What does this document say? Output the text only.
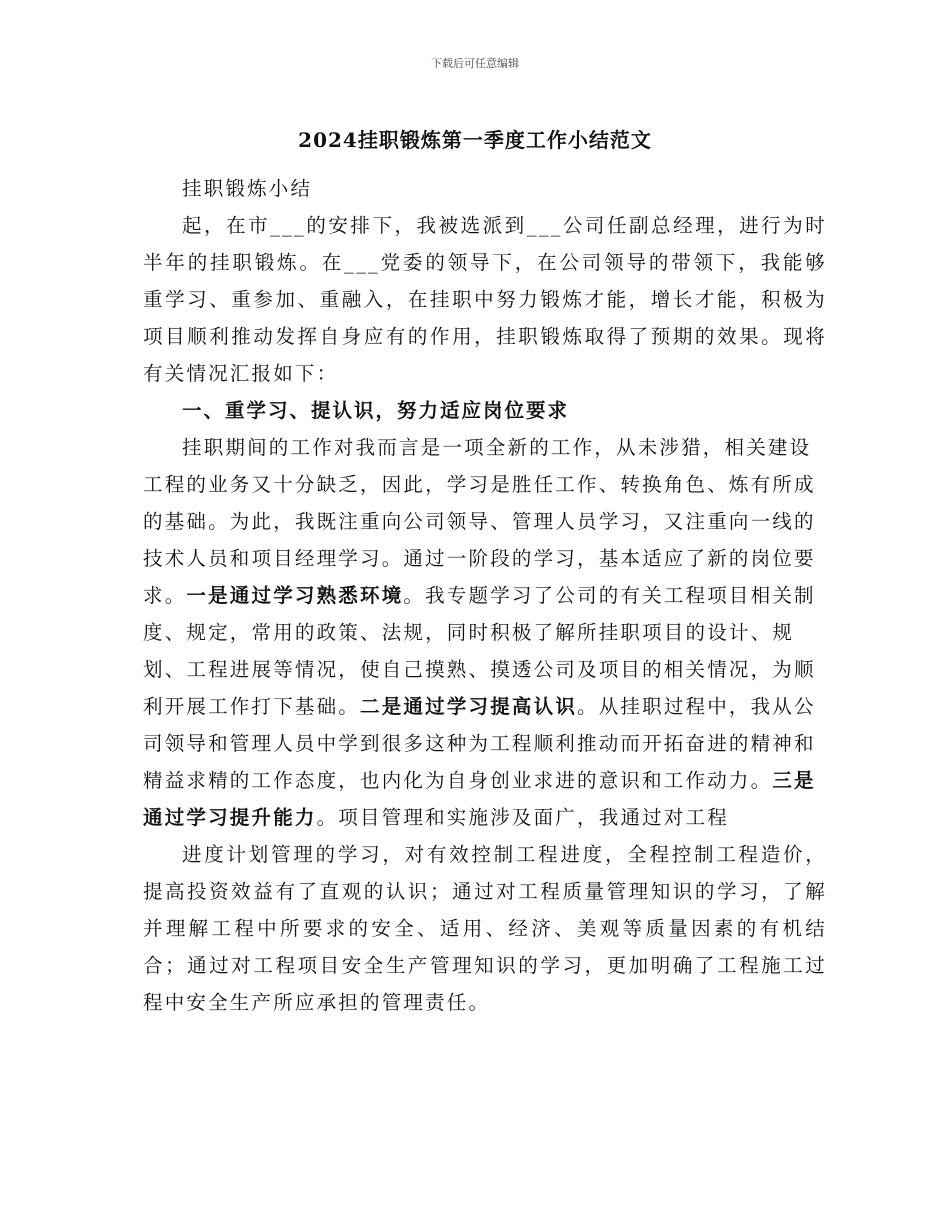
下载后可任意编辑
2024挂职锻炼第一季度工作小结范文

挂职锻炼小结

起，在市___的安排下，我被选派到___公司任副总经理，进行为时半年的挂职锻炼。在___党委的领导下，在公司领导的带领下，我能够重学习、重参加、重融入，在挂职中努力锻炼才能，增长才能，积极为项目顺利推动发挥自身应有的作用，挂职锻炼取得了预期的效果。现将有关情况汇报如下：

一、重学习、提认识，努力适应岗位要求

挂职期间的工作对我而言是一项全新的工作，从未涉猎，相关建设工程的业务又十分缺乏，因此，学习是胜任工作、转换角色、炼有所成的基础。为此，我既注重向公司领导、管理人员学习，又注重向一线的技术人员和项目经理学习。通过一阶段的学习，基本适应了新的岗位要求。一是通过学习熟悉环境。我专题学习了公司的有关工程项目相关制度、规定，常用的政策、法规，同时积极了解所挂职项目的设计、规划、工程进展等情况，使自己摸熟、摸透公司及项目的相关情况，为顺利开展工作打下基础。二是通过学习提高认识。从挂职过程中，我从公司领导和管理人员中学到很多这种为工程顺利推动而开拓奋进的精神和精益求精的工作态度，也内化为自身创业求进的意识和工作动力。三是通过学习提升能力。项目管理和实施涉及面广，我通过对工程

进度计划管理的学习，对有效控制工程进度，全程控制工程造价，提高投资效益有了直观的认识；通过对工程质量管理知识的学习，了解并理解工程中所要求的安全、适用、经济、美观等质量因素的有机结合；通过对工程项目安全生产管理知识的学习，更加明确了工程施工过程中安全生产所应承担的管理责任。
